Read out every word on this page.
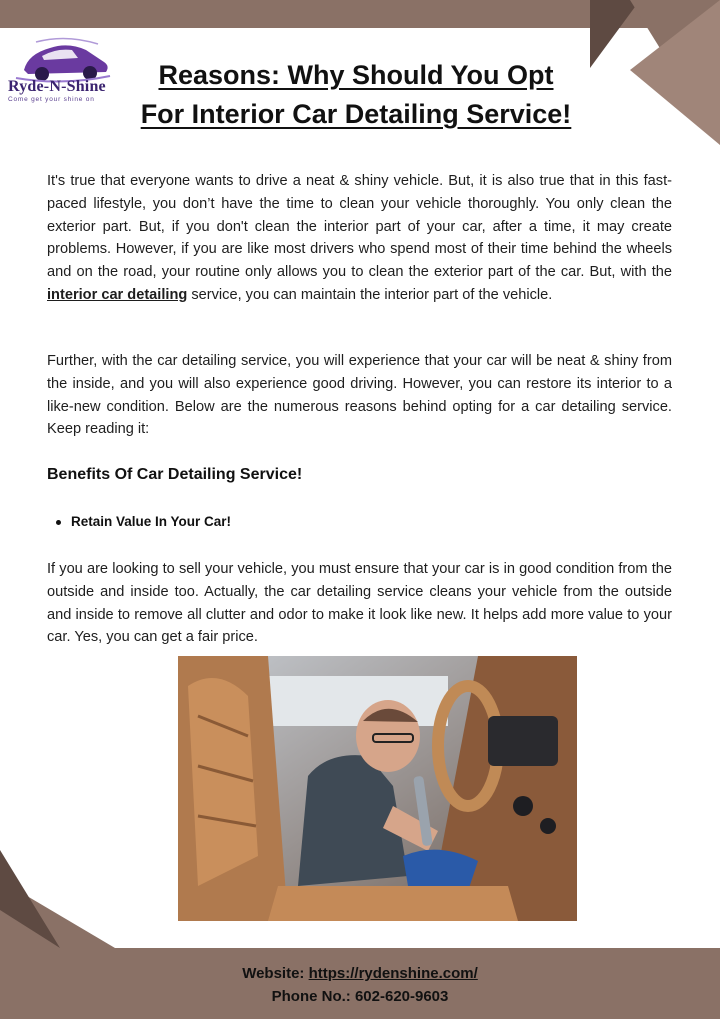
Ryde-N-Shine
Come get your shine on
Reasons: Why Should You Opt
For Interior Car Detailing Service!

It's true that everyone wants to drive a neat & shiny vehicle. But, it is also true that in this fast-paced lifestyle, you don’t have the time to clean your vehicle thoroughly. You only clean the exterior part. But, if you don't clean the interior part of your car, after a time, it may create problems. However, if you are like most drivers who spend most of their time behind the wheels and on the road, your routine only allows you to clean the exterior part of the car. But, with the interior car detailing service, you can maintain the interior part of the vehicle.

Further, with the car detailing service, you will experience that your car will be neat & shiny from the inside, and you will also experience good driving. However, you can restore its interior to a like-new condition. Below are the numerous reasons behind opting for a car detailing service. Keep reading it:

Benefits Of Car Detailing Service!
Retain Value In Your Car!

If you are looking to sell your vehicle, you must ensure that your car is in good condition from the outside and inside too. Actually, the car detailing service cleans your vehicle from the outside and inside to remove all clutter and odor to make it look like new. It helps add more value to your car. Yes, you can get a fair price.

Website: https://rydenshine.com/
Phone No.: 602-620-9603
